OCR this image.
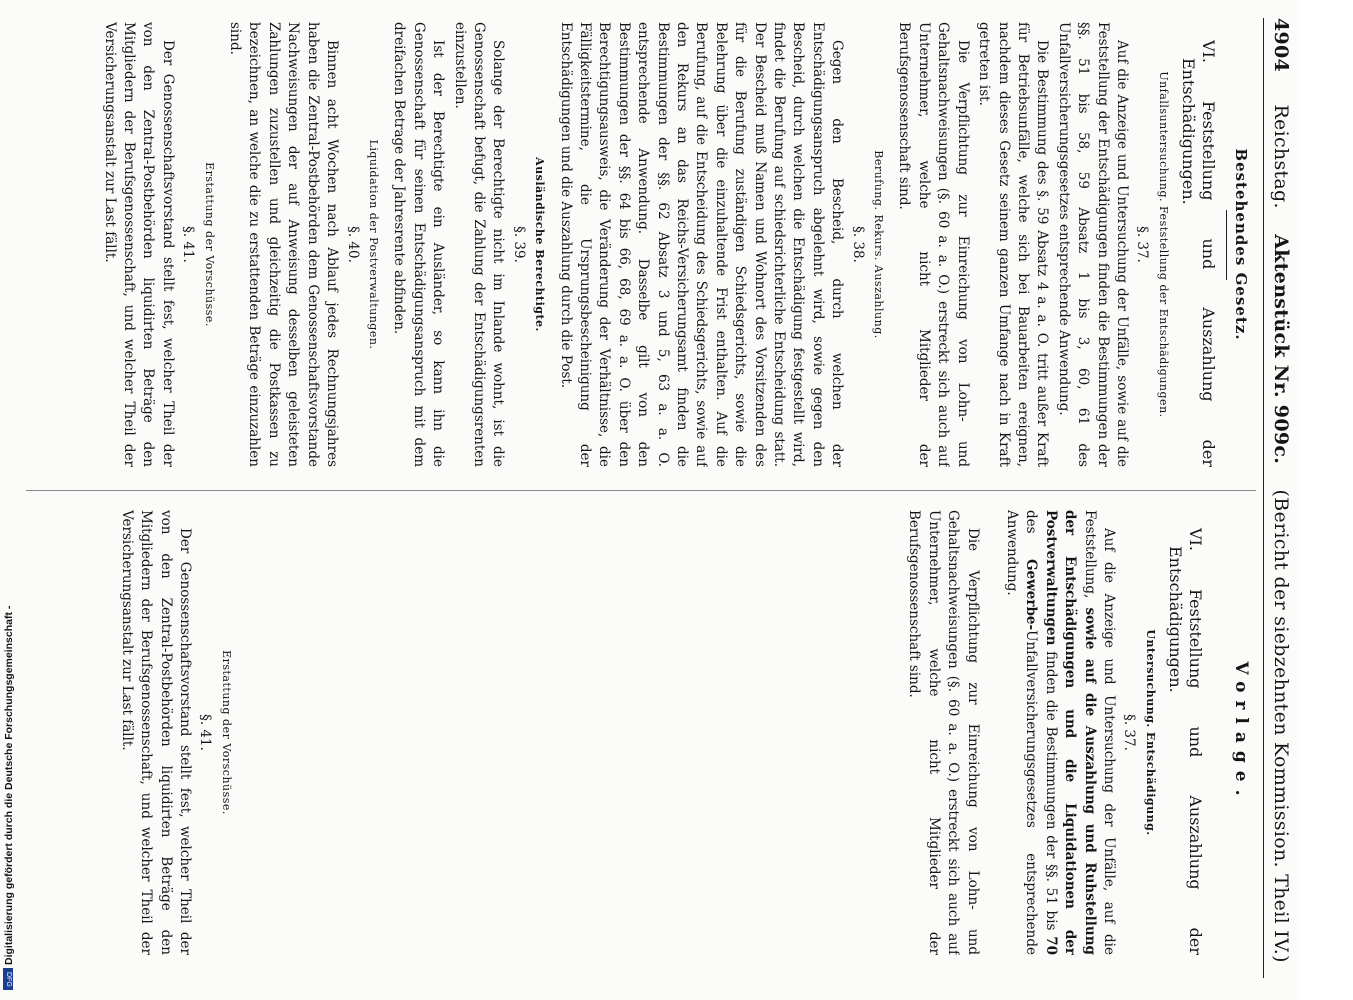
4904 Reichstag.    Aktenstück Nr. 909c.    (Bericht der siebzehnten Kommission. Theil IV.)
Bestehendes Gesetz.
VI. Feststellung und Auszahlung der Entschädigungen.
Unfallsuntersuchung. Feststellung der Entschädigungen.
§. 37.

Auf die Anzeige und Untersuchung der Unfälle, sowie auf die Feststellung der Entschädigungen finden die Bestimmungen der §§. 51 bis 58, 59 Absatz 1 bis 3, 60, 61 des Unfallversicherungsgesetzes entsprechende Anwendung.

Die Bestimmung des §. 59 Absatz 4 a. a. O. tritt außer Kraft für Betriebsunfälle, welche sich bei Bauarbeiten ereignen, nachdem dieses Gesetz seinem ganzen Umfange nach in Kraft getreten ist.

Die Verpflichtung zur Einreichung von Lohn- und Gehaltsnachweisungen (§. 60 a. a. O.) erstreckt sich auch auf Unternehmer, welche nicht Mitglieder der Berufsgenossenschaft sind.

Berufung. Rekurs. Auszahlung.
§. 38.

Gegen den Bescheid, durch welchen der Entschädigungsanspruch abgelehnt wird, sowie gegen den Bescheid, durch welchen die Entschädigung festgestellt wird, findet die Berufung auf schiedsrichterliche Entscheidung statt. Der Bescheid muß Namen und Wohnort des Vorsitzenden des für die Berufung zuständigen Schiedsgerichts, sowie die Belehrung über die einzuhaltende Frist enthalten. Auf die Berufung, auf die Entscheidung des Schiedsgerichts, sowie auf den Rekurs an das Reichs-Versicherungsamt finden die Bestimmungen der §§. 62 Absatz 3 und 5, 63 a. a. O. entsprechende Anwendung. Dasselbe gilt von den Bestimmungen der §§. 64 bis 66, 68, 69 a. a. O. über den Berechtigungsausweis, die Veränderung der Verhältnisse, die Fälligkeitstermine, die Ursprungsbescheinigung der Entschädigungen und die Auszahlung durch die Post.

Ausländische Berechtigte.
§. 39.

Solange der Berechtigte nicht im Inlande wohnt, ist die Genossenschaft befugt, die Zahlung der Entschädigungsrenten einzustellen.

Ist der Berechtigte ein Ausländer, so kann ihn die Genossenschaft für seinen Entschädigungsanspruch mit dem dreifachen Betrage der Jahresrente abfinden.

Liquidation der Postverwaltungen.
§. 40.

Binnen acht Wochen nach Ablauf jedes Rechnungsjahres haben die Zentral-Postbehörden dem Genossenschaftsvorstande Nachweisungen der auf Anweisung desselben geleisteten Zahlungen zuzustellen und gleichzeitig die Postkassen zu bezeichnen, an welche die zu erstattenden Beträge einzuzahlen sind.

Erstattung der Vorschüsse.
§. 41.

Der Genossenschaftsvorstand stellt fest, welcher Theil der von den Zentral-Postbehörden liquidirten Beträge den Mitgliedern der Berufsgenossenschaft, und welcher Theil der Versicherungsanstalt zur Last fällt.

Vorlage.
VI. Feststellung und Auszahlung der Entschädigungen.
Untersuchung. Entschädigung.
§. 37.

Auf die Anzeige und Untersuchung der Unfälle, auf die Feststellung, sowie auf die Auszahlung und Ruhstellung der Entschädigungen und die Liquidationen der Postverwaltungen finden die Bestimmungen der §§. 51 bis 70 des Gewerbe-Unfallversicherungsgesetzes entsprechende Anwendung.

Die Verpflichtung zur Einreichung von Lohn- und Gehaltsnachweisungen (§. 60 a. a. O.) erstreckt sich auch auf Unternehmer, welche nicht Mitglieder der Berufsgenossenschaft sind.

Erstattung der Vorschüsse.
§. 41.

Der Genossenschaftsvorstand stellt fest, welcher Theil der von den Zentral-Postbehörden liquidirten Beträge den Mitgliedern der Berufsgenossenschaft, und welcher Theil der Versicherungsanstalt zur Last fällt.

Digitalisierung gefördert durch die Deutsche Forschungsgemeinschaft -
DFG
